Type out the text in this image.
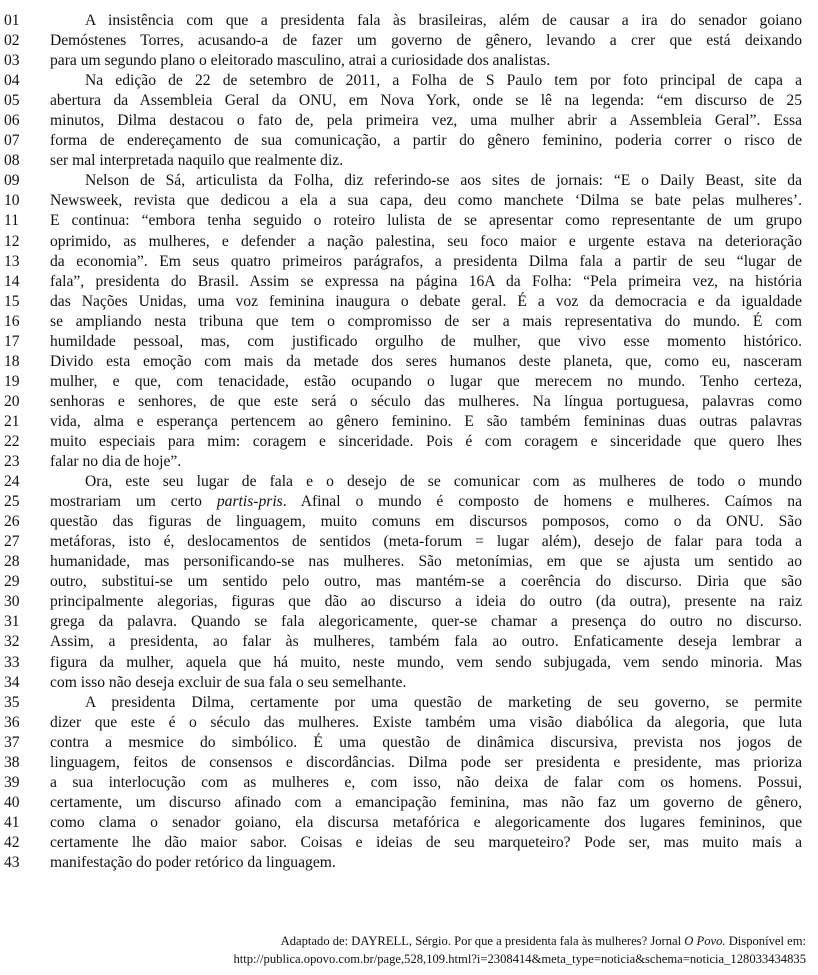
01	A insistência com que a presidenta fala às brasileiras, além de causar a ira do senador goiano
02	Demóstenes Torres, acusando-a de fazer um governo de gênero, levando a crer que está deixando
03	para um segundo plano o eleitorado masculino, atrai a curiosidade dos analistas.
04	Na edição de 22 de setembro de 2011, a Folha de S Paulo tem por foto principal de capa a
05	abertura da Assembleia Geral da ONU, em Nova York, onde se lê na legenda: “em discurso de 25
06	minutos, Dilma destacou o fato de, pela primeira vez, uma mulher abrir a Assembleia Geral”. Essa
07	forma de endereçamento de sua comunicação, a partir do gênero feminino, poderia correr o risco de
08	ser mal interpretada naquilo que realmente diz.
09	Nelson de Sá, articulista da Folha, diz referindo-se aos sites de jornais: “E o Daily Beast, site da
10	Newsweek, revista que dedicou a ela a sua capa, deu como manchete ‘Dilma se bate pelas mulheres’.
11	E continua: “embora tenha seguido o roteiro lulista de se apresentar como representante de um grupo
12	oprimido, as mulheres, e defender a nação palestina, seu foco maior e urgente estava na deterioração
13	da economia”. Em seus quatro primeiros parágrafos, a presidenta Dilma fala a partir de seu “lugar de
14	fala”, presidenta do Brasil. Assim se expressa na página 16A da Folha: “Pela primeira vez, na história
15	das Nações Unidas, uma voz feminina inaugura o debate geral. É a voz da democracia e da igualdade
16	se ampliando nesta tribuna que tem o compromisso de ser a mais representativa do mundo. É com
17	humildade pessoal, mas, com justificado orgulho de mulher, que vivo esse momento histórico.
18	Divido esta emoção com mais da metade dos seres humanos deste planeta, que, como eu, nasceram
19	mulher, e que, com tenacidade, estão ocupando o lugar que merecem no mundo. Tenho certeza,
20	senhoras e senhores, de que este será o século das mulheres. Na língua portuguesa, palavras como
21	vida, alma e esperança pertencem ao gênero feminino. E são também femininas duas outras palavras
22	muito especiais para mim: coragem e sinceridade. Pois é com coragem e sinceridade que quero lhes
23	falar no dia de hoje”.
24	Ora, este seu lugar de fala e o desejo de se comunicar com as mulheres de todo o mundo
25	mostrariam um certo partis-pris. Afinal o mundo é composto de homens e mulheres. Caímos na
26	questão das figuras de linguagem, muito comuns em discursos pomposos, como o da ONU. São
27	metáforas, isto é, deslocamentos de sentidos (meta-forum = lugar além), desejo de falar para toda a
28	humanidade, mas personificando-se nas mulheres. São metonímias, em que se ajusta um sentido ao
29	outro, substitui-se um sentido pelo outro, mas mantém-se a coerência do discurso. Diria que são
30	principalmente alegorias, figuras que dão ao discurso a ideia do outro (da outra), presente na raiz
31	grega da palavra. Quando se fala alegoricamente, quer-se chamar a presença do outro no discurso.
32	Assim, a presidenta, ao falar às mulheres, também fala ao outro. Enfaticamente deseja lembrar a
33	figura da mulher, aquela que há muito, neste mundo, vem sendo subjugada, vem sendo minoria. Mas
34	com isso não deseja excluir de sua fala o seu semelhante.
35	A presidenta Dilma, certamente por uma questão de marketing de seu governo, se permite
36	dizer que este é o século das mulheres. Existe também uma visão diabólica da alegoria, que luta
37	contra a mesmice do simbólico. É uma questão de dinâmica discursiva, prevista nos jogos de
38	linguagem, feitos de consensos e discordâncias. Dilma pode ser presidenta e presidente, mas prioriza
39	a sua interlocução com as mulheres e, com isso, não deixa de falar com os homens. Possui,
40	certamente, um discurso afinado com a emancipação feminina, mas não faz um governo de gênero,
41	como clama o senador goiano, ela discursa metafórica e alegoricamente dos lugares femininos, que
42	certamente lhe dão maior sabor. Coisas e ideias de seu marqueteiro? Pode ser, mas muito mais a
43	manifestação do poder retórico da linguagem.
Adaptado de: DAYRELL, Sérgio. Por que a presidenta fala às mulheres? Jornal O Povo. Disponível em:
http://publica.opovo.com.br/page,528,109.html?i=2308414&meta_type=noticia&schema=noticia_128033434835
